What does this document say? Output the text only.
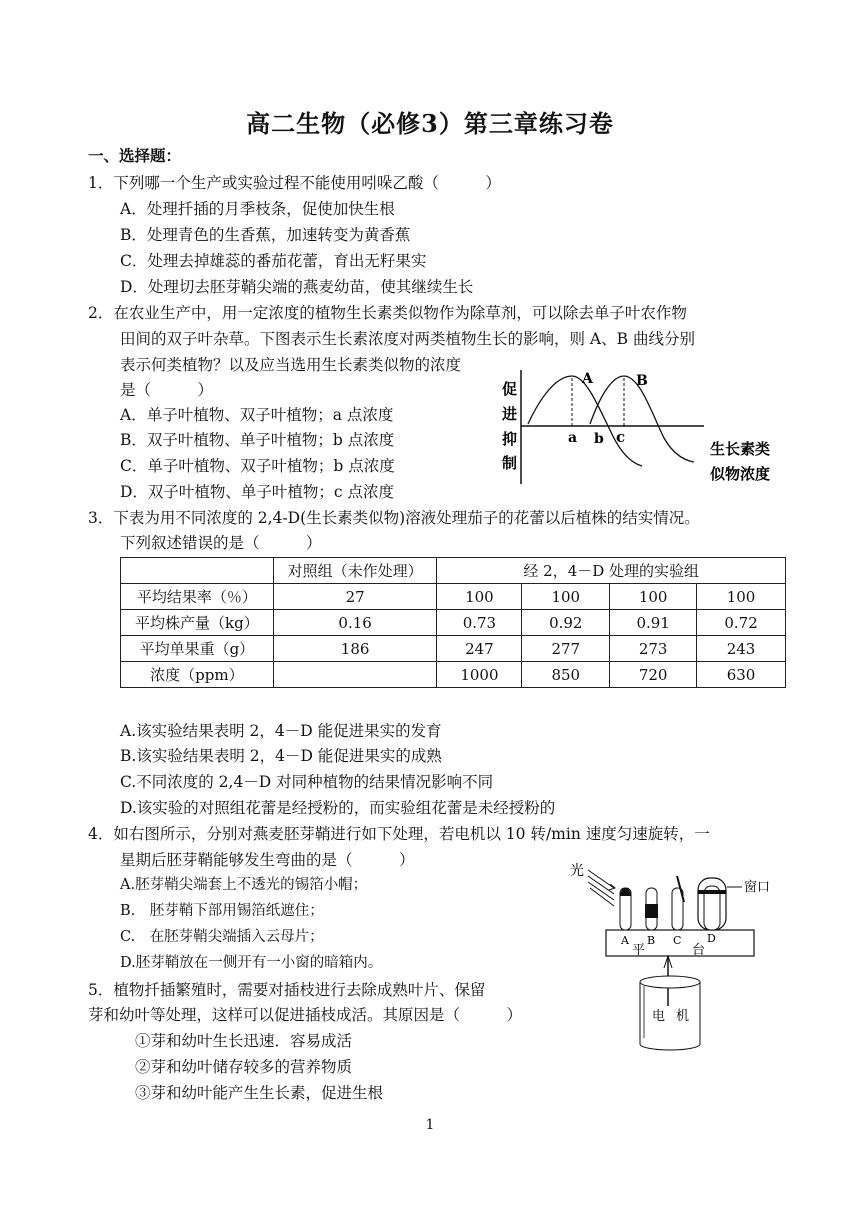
高二生物（必修3）第三章练习卷
一、选择题：
1．下列哪一个生产或实验过程不能使用吲哚乙酸（　　　）
A．处理扦插的月季枝条，促使加快生根
B．处理青色的生香蕉，加速转变为黄香蕉
C．处理去掉雄蕊的番茄花蕾，育出无籽果实
D．处理切去胚芽鞘尖端的燕麦幼苗，使其继续生长
2．在农业生产中，用一定浓度的植物生长素类似物作为除草剂，可以除去单子叶农作物
田间的双子叶杂草。下图表示生长素浓度对两类植物生长的影响，则 A、B 曲线分别
表示何类植物？以及应当选用生长素类似物的浓度
是（　　　）
A．单子叶植物、双子叶植物；a 点浓度
B．双子叶植物、单子叶植物；b 点浓度
C．单子叶植物、双子叶植物；b 点浓度
D．双子叶植物、单子叶植物；c 点浓度
促
进
抑
制
A	B
a b c
生长素类
似物浓度
3．下表为用不同浓度的 2,4-D(生长素类似物)溶液处理茄子的花蕾以后植株的结实情况。
下列叙述错误的是（　　　）
	对照组（未作处理）	经 2，4－D 处理的实验组			
平均结果率（％）	27	100	100	100	100
平均株产量（kg）	0.16	0.73	0.92	0.91	0.72
平均单果重（g）	186	247	277	273	243
浓度（ppm）		1000	850	720	630
A.该实验结果表明 2，4－D 能促进果实的发育
B.该实验结果表明 2，4－D 能促进果实的成熟
C.不同浓度的 2,4－D 对同种植物的结果情况影响不同
D.该实验的对照组花蕾是经授粉的，而实验组花蕾是未经授粉的
4．如右图所示，分别对燕麦胚芽鞘进行如下处理，若电机以 10 转/min 速度匀速旋转，一
星期后胚芽鞘能够发生弯曲的是（　　　）
A.胚芽鞘尖端套上不透光的锡箔小帽；
B.　胚芽鞘下部用锡箔纸遮住；
C.　在胚芽鞘尖端插入云母片；
D.胚芽鞘放在一侧开有一小窗的暗箱内。
光
窗口
A B C D
平	台
电 机
5．植物扦插繁殖时，需要对插枝进行去除成熟叶片、保留
芽和幼叶等处理，这样可以促进插枝成活。其原因是（　　　）
①芽和幼叶生长迅速．容易成活
②芽和幼叶储存较多的营养物质
③芽和幼叶能产生生长素，促进生根
1
